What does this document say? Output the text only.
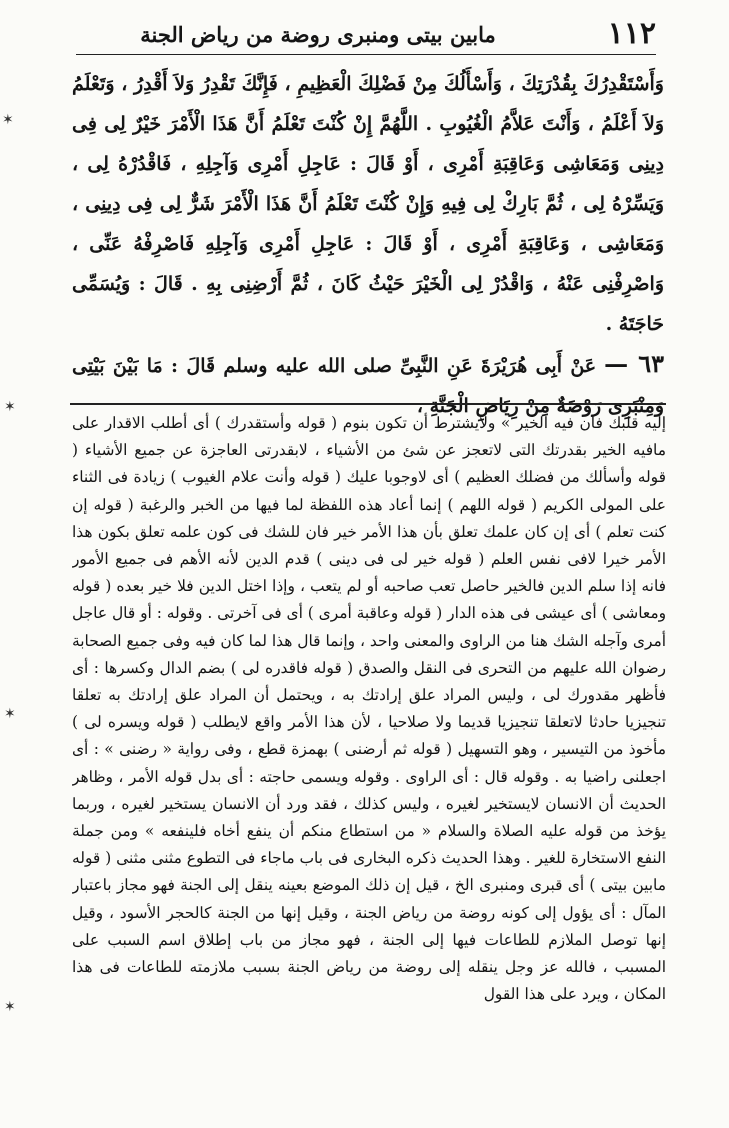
١١٢
مابين بيتى ومنبرى روضة من رياض الجنة

وَأَسْتَقْدِرُكَ بِقُدْرَتِكَ ، وَأَسْأَلُكَ مِنْ فَضْلِكَ الْعَظِيمِ ، فَإِنَّكَ تَقْدِرُ وَلاَ أَقْدِرُ ، وَتَعْلَمُ وَلاَ أَعْلَمُ ، وَأَنْتَ عَلاَّمُ الْغُيُوبِ . اللَّهُمَّ إِنْ كُنْتَ تَعْلَمُ أَنَّ هَذَا الْأَمْرَ خَيْرٌ لِى فِى دِينِى وَمَعَاشِى وَعَاقِبَةِ أَمْرِى ، أَوْ قَالَ : عَاجِلِ أَمْرِى وَآجِلِهِ ، فَاقْدُرْهُ لِى ، وَيَسِّرْهُ لِى ، ثُمَّ بَارِكْ لِى فِيهِ وَإِنْ كُنْتَ تَعْلَمُ أَنَّ هَذَا الْأَمْرَ شَرٌّ لِى فِى دِينِى ، وَمَعَاشِى ، وَعَاقِبَةِ أَمْرِى ، أَوْ قَالَ : عَاجِلِ أَمْرِى وَآجِلِهِ فَاصْرِفْهُ عَنِّى ، وَاصْرِفْنِى عَنْهُ ، وَاقْدُرْ لِى الْخَيْرَ حَيْثُ كَانَ ، ثُمَّ أَرْضِنِى بِهِ . قَالَ : وَيُسَمِّى حَاجَتَهُ .

٦٣ —عَنْ أَبِى هُرَيْرَةَ عَنِ النَّبِىِّ صلى الله عليه وسلم قَالَ : مَا بَيْنَ بَيْتِى وَمِنْبَرِى رَوْضَةٌ مِنْ رِيَاضِ الْجَنَّةِ ،

إليه قلبك فان فيه الخير » ولايشترط أن تكون بنوم ( قوله وأستقدرك ) أى أطلب الاقدار على مافيه الخير بقدرتك التى لاتعجز عن شئ من الأشياء ، لابقدرتى العاجزة عن جميع الأشياء ( قوله وأسألك من فضلك العظيم ) أى لاوجوبا عليك ( قوله وأنت علام الغيوب ) زيادة فى الثناء على المولى الكريم ( قوله اللهم ) إنما أعاد هذه اللفظة لما فيها من الخبر والرغبة ( قوله إن كنت تعلم ) أى إن كان علمك تعلق بأن هذا الأمر خير فان للشك فى كون علمه تعلق بكون هذا الأمر خيرا لافى نفس العلم ( قوله خير لى فى دينى ) قدم الدين لأنه الأهم فى جميع الأمور فانه إذا سلم الدين فالخير حاصل تعب صاحبه أو لم يتعب ، وإذا اختل الدين فلا خير بعده ( قوله ومعاشى ) أى عيشى فى هذه الدار ( قوله وعاقبة أمرى ) أى فى آخرتى . وقوله : أو قال عاجل أمرى وآجله الشك هنا من الراوى والمعنى واحد ، وإنما قال هذا لما كان فيه وفى جميع الصحابة رضوان الله عليهم من التحرى فى النقل والصدق ( قوله فاقدره لى ) بضم الدال وكسرها : أى فأظهر مقدورك لى ، وليس المراد علق إرادتك به ، ويحتمل أن المراد علق إرادتك به تعلقا تنجيزيا حادثا لاتعلقا تنجيزيا قديما ولا صلاحيا ، لأن هذا الأمر واقع لايطلب ( قوله ويسره لى ) مأخوذ من التيسير ، وهو التسهيل ( قوله ثم أرضنى ) بهمزة قطع ، وفى رواية « رضنى » : أى اجعلنى راضيا به . وقوله قال : أى الراوى . وقوله ويسمى حاجته : أى بدل قوله الأمر ، وظاهر الحديث أن الانسان لايستخير لغيره ، وليس كذلك ، فقد ورد أن الانسان يستخير لغيره ، وربما يؤخذ من قوله عليه الصلاة والسلام « من استطاع منكم أن ينفع أخاه فلينفعه » ومن جملة النفع الاستخارة للغير . وهذا الحديث ذكره البخارى فى باب ماجاء فى التطوع مثنى مثنى ( قوله مابين بيتى ) أى قبرى ومنبرى الخ ، قيل إن ذلك الموضع بعينه ينقل إلى الجنة فهو مجاز باعتبار المآل : أى يؤول إلى كونه روضة من رياض الجنة ، وقيل إنها من الجنة كالحجر الأسود ، وقيل إنها توصل الملازم للطاعات فيها إلى الجنة ، فهو مجاز من باب إطلاق اسم السبب على المسبب ، فالله عز وجل ينقله إلى روضة من رياض الجنة بسبب ملازمته للطاعات فى هذا المكان ، ويرد على هذا القول

✶
✶
✶
✶
